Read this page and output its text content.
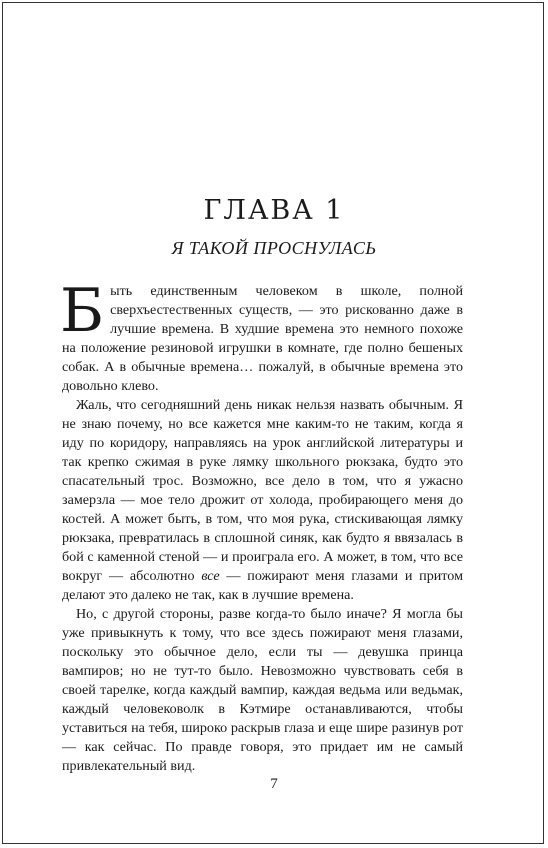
ГЛАВА 1
Я ТАКОЙ ПРОСНУЛАСЬ

Быть единственным человеком в школе, полной сверхъестественных существ, — это рискованно даже в лучшие времена. В худшие времена это немного похоже на положение резиновой игрушки в комнате, где полно бешеных собак. А в обычные времена… пожалуй, в обычные времена это довольно клево.

Жаль, что сегодняшний день никак нельзя назвать обычным. Я не знаю почему, но все кажется мне каким-то не таким, когда я иду по коридору, направляясь на урок английской литературы и так крепко сжимая в руке лямку школьного рюкзака, будто это спасательный трос. Возможно, все дело в том, что я ужасно замерзла — мое тело дрожит от холода, пробирающего меня до костей. А может быть, в том, что моя рука, стискивающая лямку рюкзака, превратилась в сплошной синяк, как будто я ввязалась в бой с каменной стеной — и проиграла его. А может, в том, что все вокруг — абсолютно все — пожирают меня глазами и притом делают это далеко не так, как в лучшие времена.

Но, с другой стороны, разве когда-то было иначе? Я могла бы уже привыкнуть к тому, что все здесь пожирают меня глазами, поскольку это обычное дело, если ты — девушка принца вампиров; но не тут-то было. Невозможно чувствовать себя в своей тарелке, когда каждый вампир, каждая ведьма или ведьмак, каждый человековолк в Кэтмире останавливаются, чтобы уставиться на тебя, широко раскрыв глаза и еще шире разинув рот — как сейчас. По правде говоря, это придает им не самый привлекательный вид.

7
